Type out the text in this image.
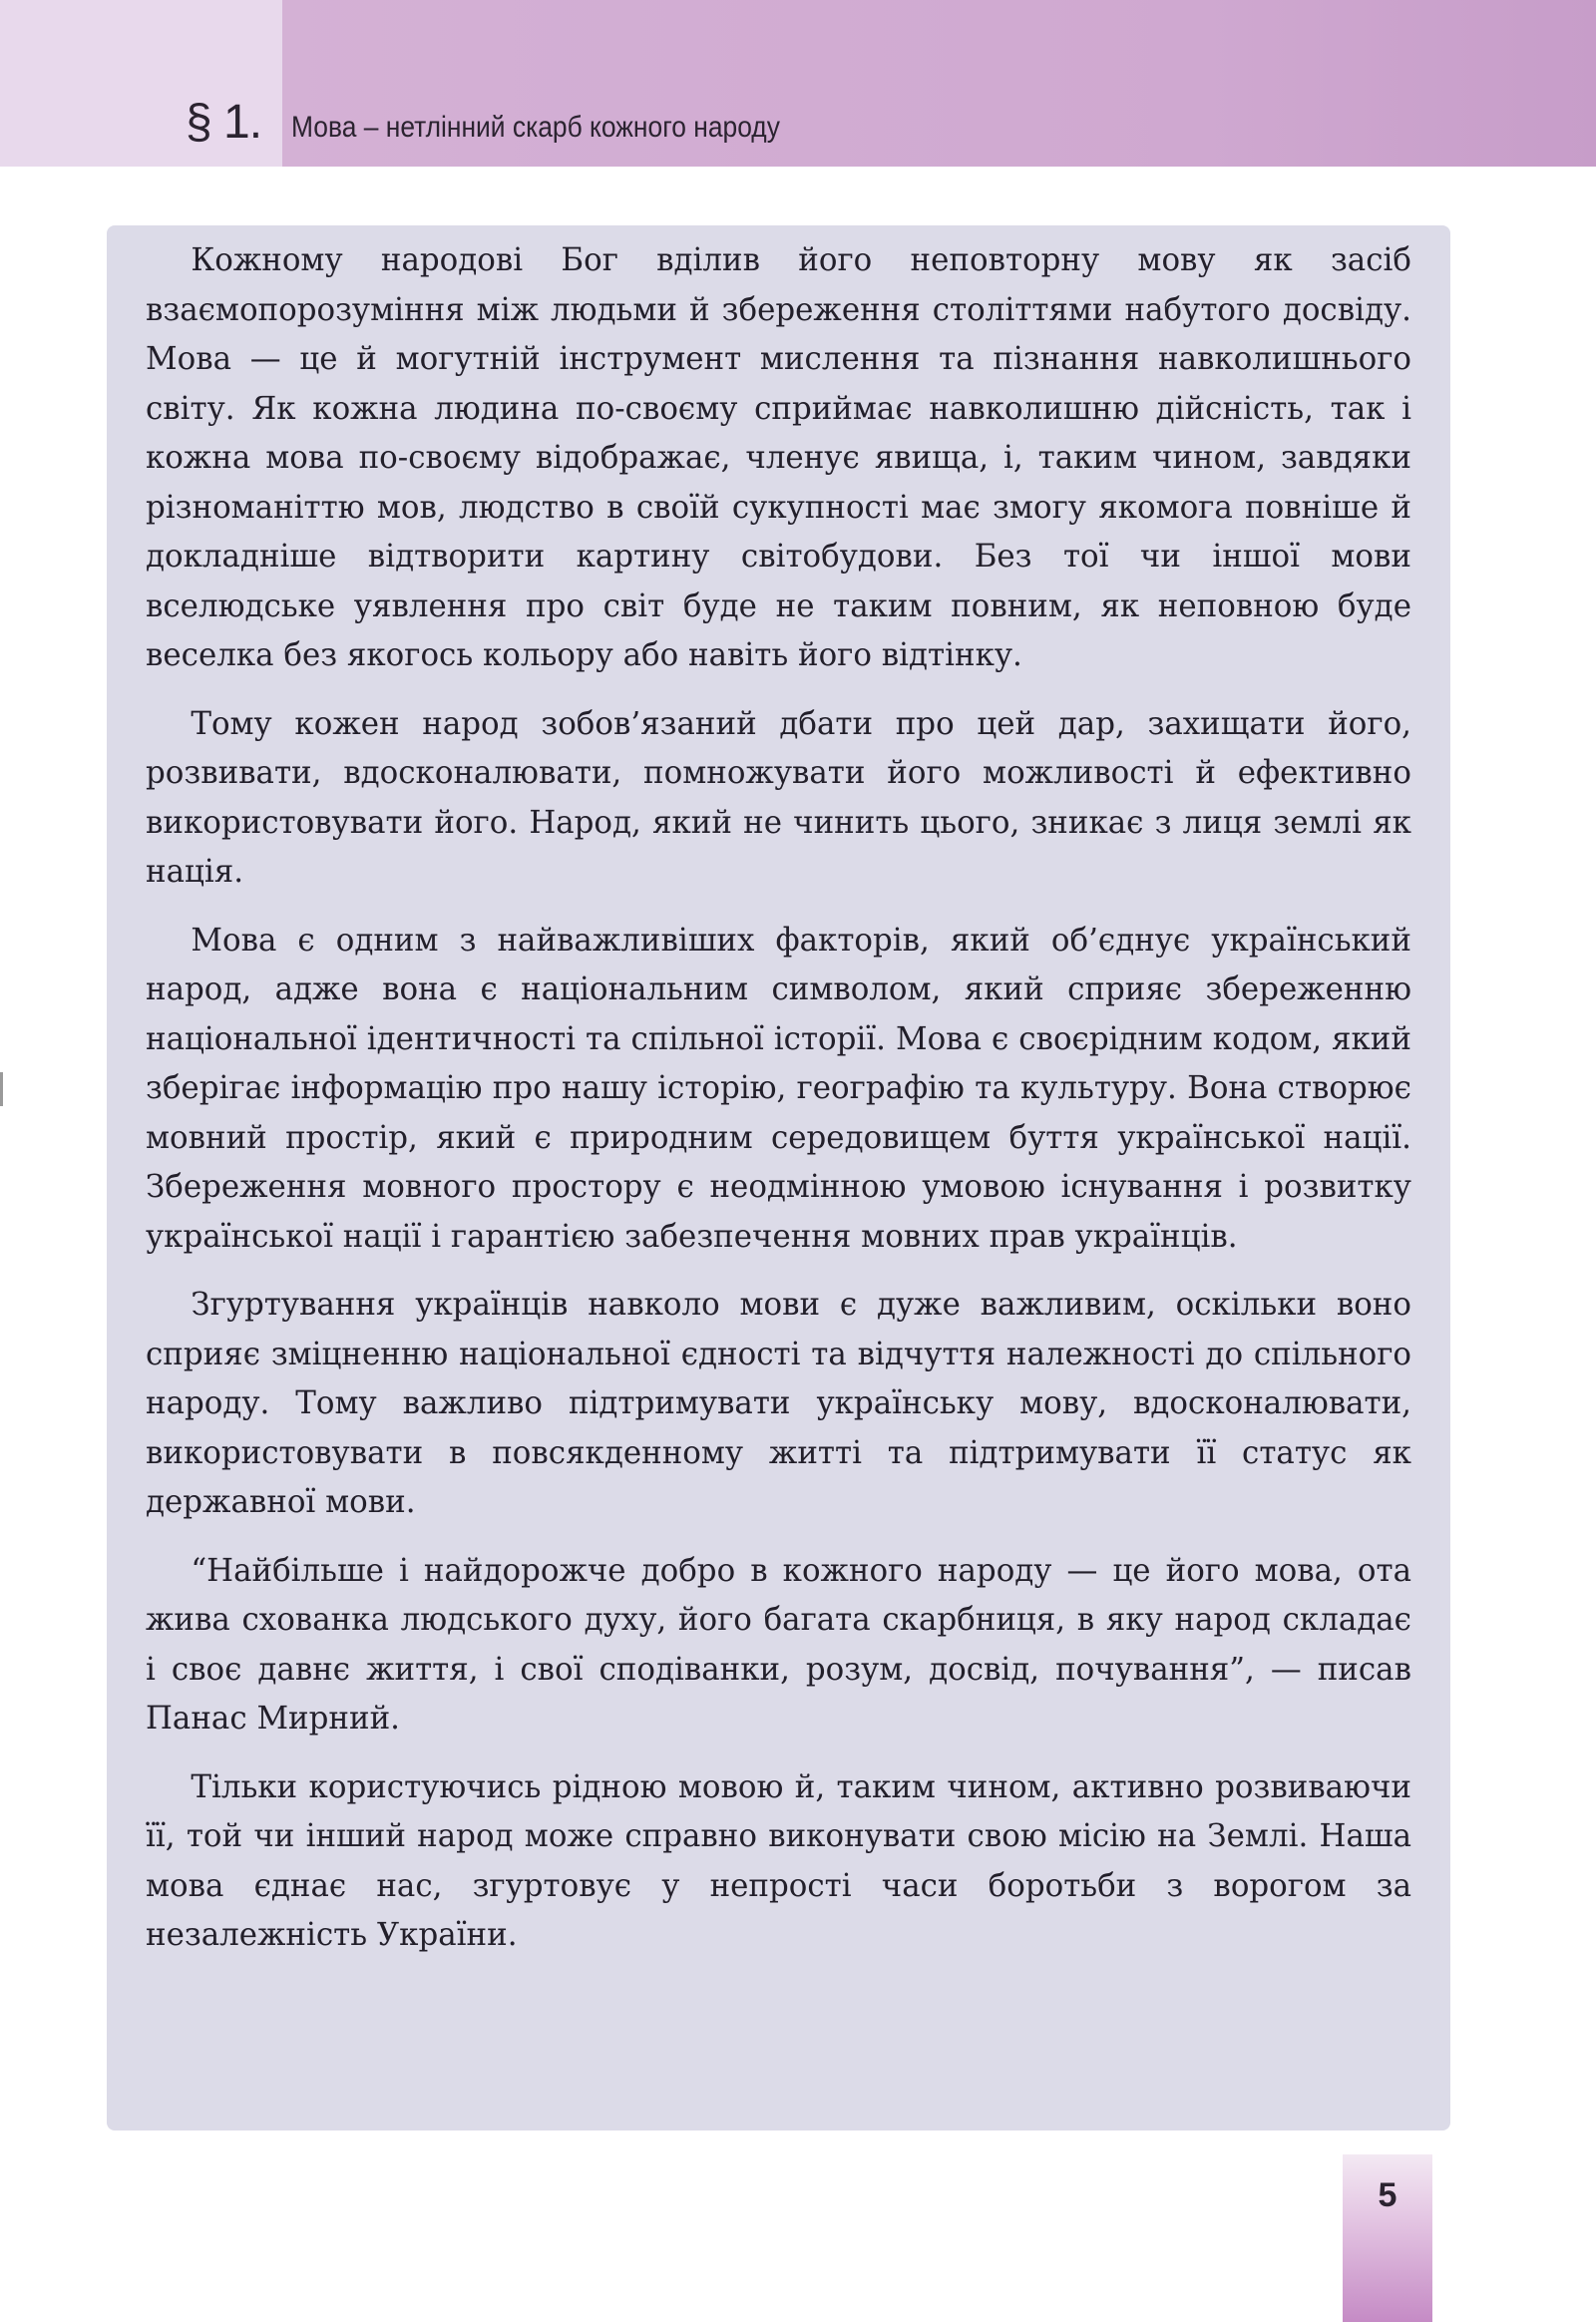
§ 1. Мова – нетлінний скарб кожного народу

Кожному народові Бог вділив його неповторну мову як засіб взаємопорозуміння між людьми й збереження століттями набутого досвіду. Мова — це й могутній інструмент мислення та пізнання навколишнього світу. Як кожна людина по-своєму сприймає навколишню дійсність, так і кожна мова по-своєму відображає, членує явища, і, таким чином, завдяки різноманіттю мов, людство в своїй сукупності має змогу якомога повніше й докладніше відтворити картину світобудови. Без тої чи іншої мови вселюдське уявлення про світ буде не таким повним, як неповною буде веселка без якогось кольору або навіть його відтінку.

Тому кожен народ зобов’язаний дбати про цей дар, захищати його, розвивати, вдосконалювати, помножувати його можливості й ефективно використовувати його. Народ, який не чинить цього, зникає з лиця землі як нація.

Мова є одним з найважливіших факторів, який об’єднує український народ, адже вона є національним символом, який сприяє збереженню національної ідентичності та спільної історії. Мова є своєрідним кодом, який зберігає інформацію про нашу історію, географію та культуру. Вона створює мовний простір, який є природним середовищем буття української нації. Збереження мовного простору є неодмінною умовою існування і розвитку української нації і гарантією забезпечення мовних прав українців.

Згуртування українців навколо мови є дуже важливим, оскільки воно сприяє зміцненню національної єдності та відчуття належності до спільного народу. Тому важливо підтримувати українську мову, вдосконалювати, використовувати в повсякденному житті та підтримувати її статус як державної мови.

“Найбільше і найдорожче добро в кожного народу — це його мова, ота жива схованка людського духу, його багата скарбниця, в яку народ складає і своє давнє життя, і свої сподіванки, розум, досвід, почування”, — писав Панас Мирний.

Тільки користуючись рідною мовою й, таким чином, активно розвиваючи її, той чи інший народ може справно виконувати свою місію на Землі. Наша мова єднає нас, згуртовує у непрості часи боротьби з ворогом за незалежність України.

5
